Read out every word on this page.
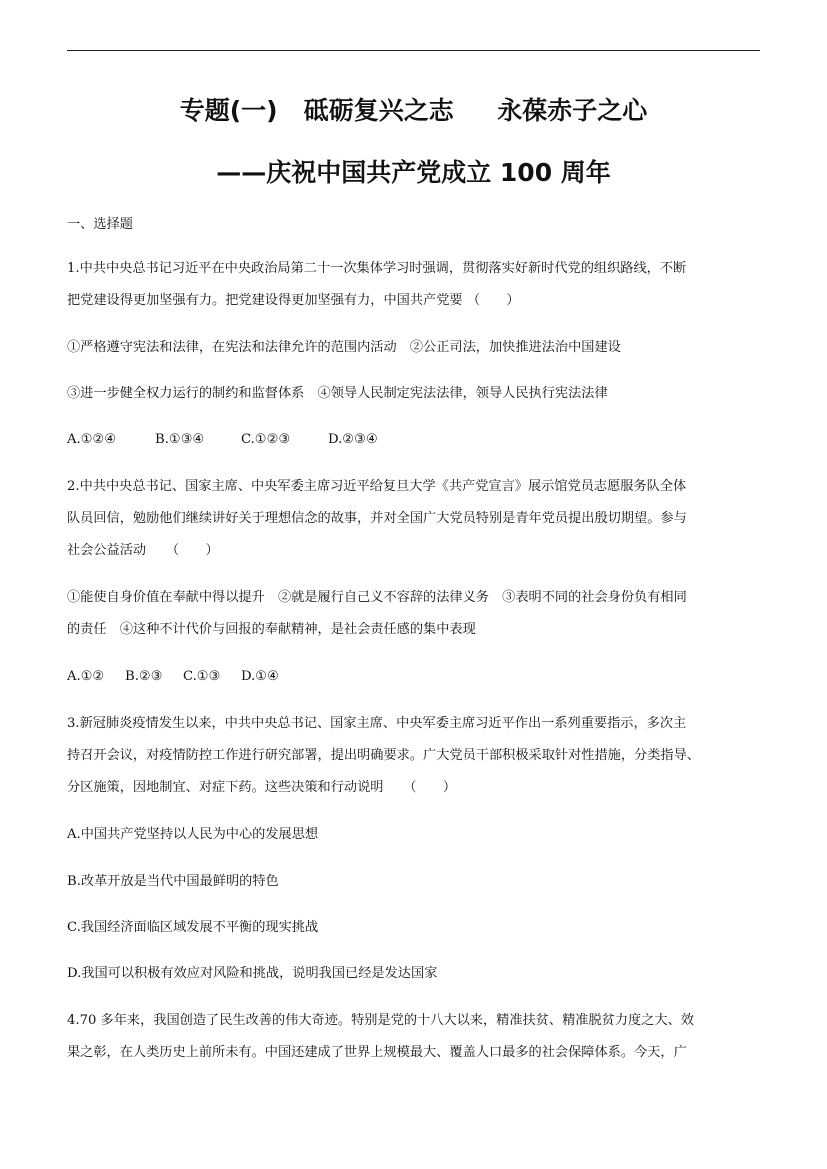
专题(一)   砥砺复兴之志     永葆赤子之心
——庆祝中国共产党成立 100 周年
一、选择题
1.中共中央总书记习近平在中央政治局第二十一次集体学习时强调，贯彻落实好新时代党的组织路线，不断
把党建设得更加坚强有力。把党建设得更加坚强有力，中国共产党要 （　　）
①严格遵守宪法和法律，在宪法和法律允许的范围内活动　②公正司法，加快推进法治中国建设
③进一步健全权力运行的制约和监督体系　④领导人民制定宪法法律，领导人民执行宪法法律
A.①②④	B.①③④	C.①②③	D.②③④
2.中共中央总书记、国家主席、中央军委主席习近平给复旦大学《共产党宣言》展示馆党员志愿服务队全体
队员回信，勉励他们继续讲好关于理想信念的故事，并对全国广大党员特别是青年党员提出殷切期望。参与
社会公益活动　　（　　）
①能使自身价值在奉献中得以提升　②就是履行自己义不容辞的法律义务　③表明不同的社会身份负有相同
的责任　④这种不计代价与回报的奉献精神，是社会责任感的集中表现
A.①② B.②③ C.①③ D.①④
3.新冠肺炎疫情发生以来，中共中央总书记、国家主席、中央军委主席习近平作出一系列重要指示，多次主
持召开会议，对疫情防控工作进行研究部署，提出明确要求。广大党员干部积极采取针对性措施，分类指导、
分区施策，因地制宜、对症下药。这些决策和行动说明　　（　　）
A.中国共产党坚持以人民为中心的发展思想
B.改革开放是当代中国最鲜明的特色
C.我国经济面临区域发展不平衡的现实挑战
D.我国可以积极有效应对风险和挑战，说明我国已经是发达国家
4.70 多年来，我国创造了民生改善的伟大奇迹。特别是党的十八大以来，精准扶贫、精准脱贫力度之大、效
果之彰，在人类历史上前所未有。中国还建成了世界上规模最大、覆盖人口最多的社会保障体系。今天，广
